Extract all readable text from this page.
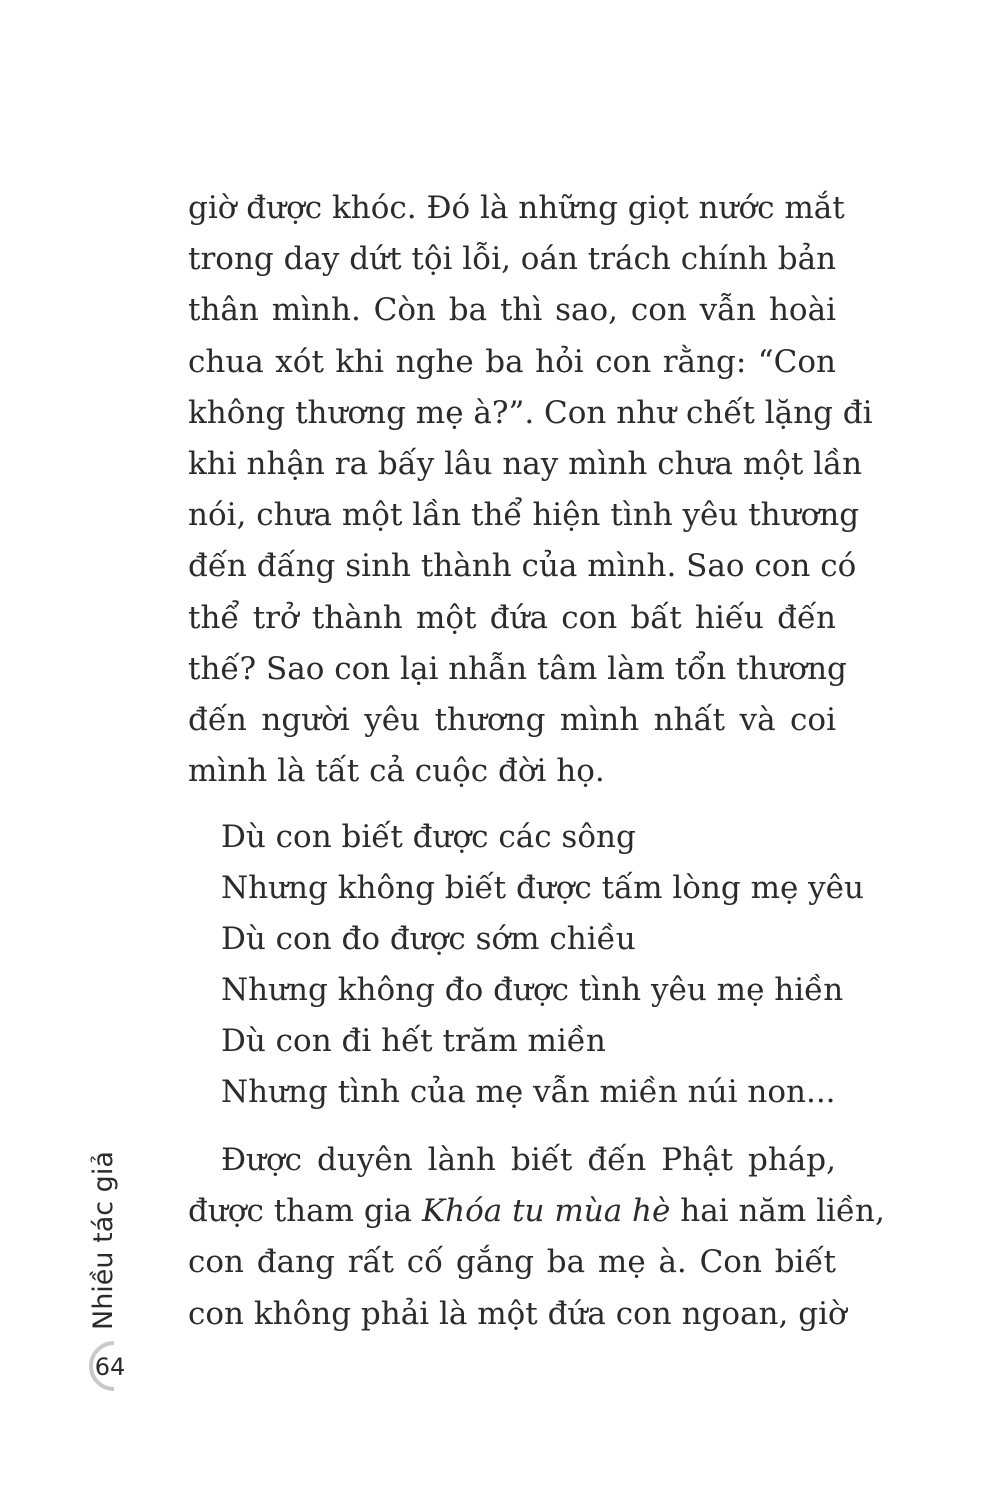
giờ được khóc. Đó là những giọt nước mắt
trong day dứt tội lỗi, oán trách chính bản
thân mình. Còn ba thì sao, con vẫn hoài
chua xót khi nghe ba hỏi con rằng: “Con
không thương mẹ à?”. Con như chết lặng đi
khi nhận ra bấy lâu nay mình chưa một lần
nói, chưa một lần thể hiện tình yêu thương
đến đấng sinh thành của mình. Sao con có
thể trở thành một đứa con bất hiếu đến
thế? Sao con lại nhẫn tâm làm tổn thương
đến người yêu thương mình nhất và coi
mình là tất cả cuộc đời họ.
Dù con biết được các sông
Nhưng không biết được tấm lòng mẹ yêu
Dù con đo được sớm chiều
Nhưng không đo được tình yêu mẹ hiền
Dù con đi hết trăm miền
Nhưng tình của mẹ vẫn miền núi non...
Được duyên lành biết đến Phật pháp,
được tham gia Khóa tu mùa hè hai năm liền,
con đang rất cố gắng ba mẹ à. Con biết
con không phải là một đứa con ngoan, giờ
Nhiều tác giả
64
